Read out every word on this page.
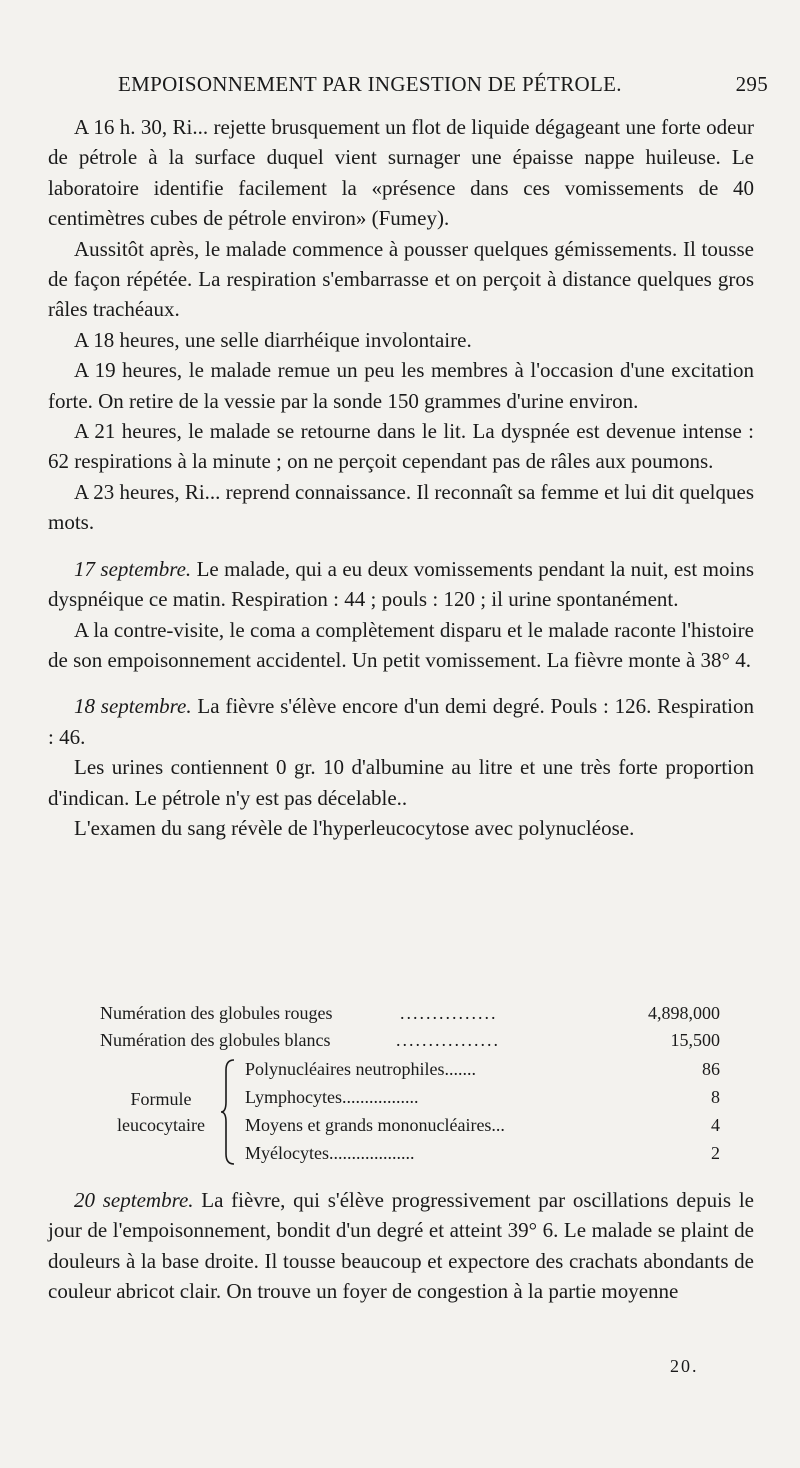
EMPOISONNEMENT PAR INGESTION DE PÉTROLE.	295

A 16 h. 30, Ri... rejette brusquement un flot de liquide dégageant une forte odeur de pétrole à la surface duquel vient surnager une épaisse nappe huileuse. Le laboratoire identifie facilement la «présence dans ces vomissements de 40 centimètres cubes de pétrole environ» (Fumey).

Aussitôt après, le malade commence à pousser quelques gémissements. Il tousse de façon répétée. La respiration s'embarrasse et on perçoit à distance quelques gros râles trachéaux.

A 18 heures, une selle diarrhéique involontaire.

A 19 heures, le malade remue un peu les membres à l'occasion d'une excitation forte. On retire de la vessie par la sonde 150 grammes d'urine environ.

A 21 heures, le malade se retourne dans le lit. La dyspnée est devenue intense : 62 respirations à la minute ; on ne perçoit cependant pas de râles aux poumons.

A 23 heures, Ri... reprend connaissance. Il reconnaît sa femme et lui dit quelques mots.

17 septembre. Le malade, qui a eu deux vomissements pendant la nuit, est moins dyspnéique ce matin. Respiration : 44 ; pouls : 120 ; il urine spontanément.

A la contre-visite, le coma a complètement disparu et le malade raconte l'histoire de son empoisonnement accidentel. Un petit vomissement. La fièvre monte à 38° 4.

18 septembre. La fièvre s'élève encore d'un demi degré. Pouls : 126. Respiration : 46.

Les urines contiennent 0 gr. 10 d'albumine au litre et une très forte proportion d'indican. Le pétrole n'y est pas décelable..

L'examen du sang révèle de l'hyperleucocytose avec polynucléose.

Numération des globules rouges	...............	4,898,000
Numération des globules blancs	................	15,500
Formule
leucocytaire
Polynucléaires neutrophiles.......	86
Lymphocytes.................	8
Moyens et grands mononucléaires...	4
Myélocytes...................	2

20 septembre. La fièvre, qui s'élève progressivement par oscillations depuis le jour de l'empoisonnement, bondit d'un degré et atteint 39° 6. Le malade se plaint de douleurs à la base droite. Il tousse beaucoup et expectore des crachats abondants de couleur abricot clair. On trouve un foyer de congestion à la partie moyenne

20.
